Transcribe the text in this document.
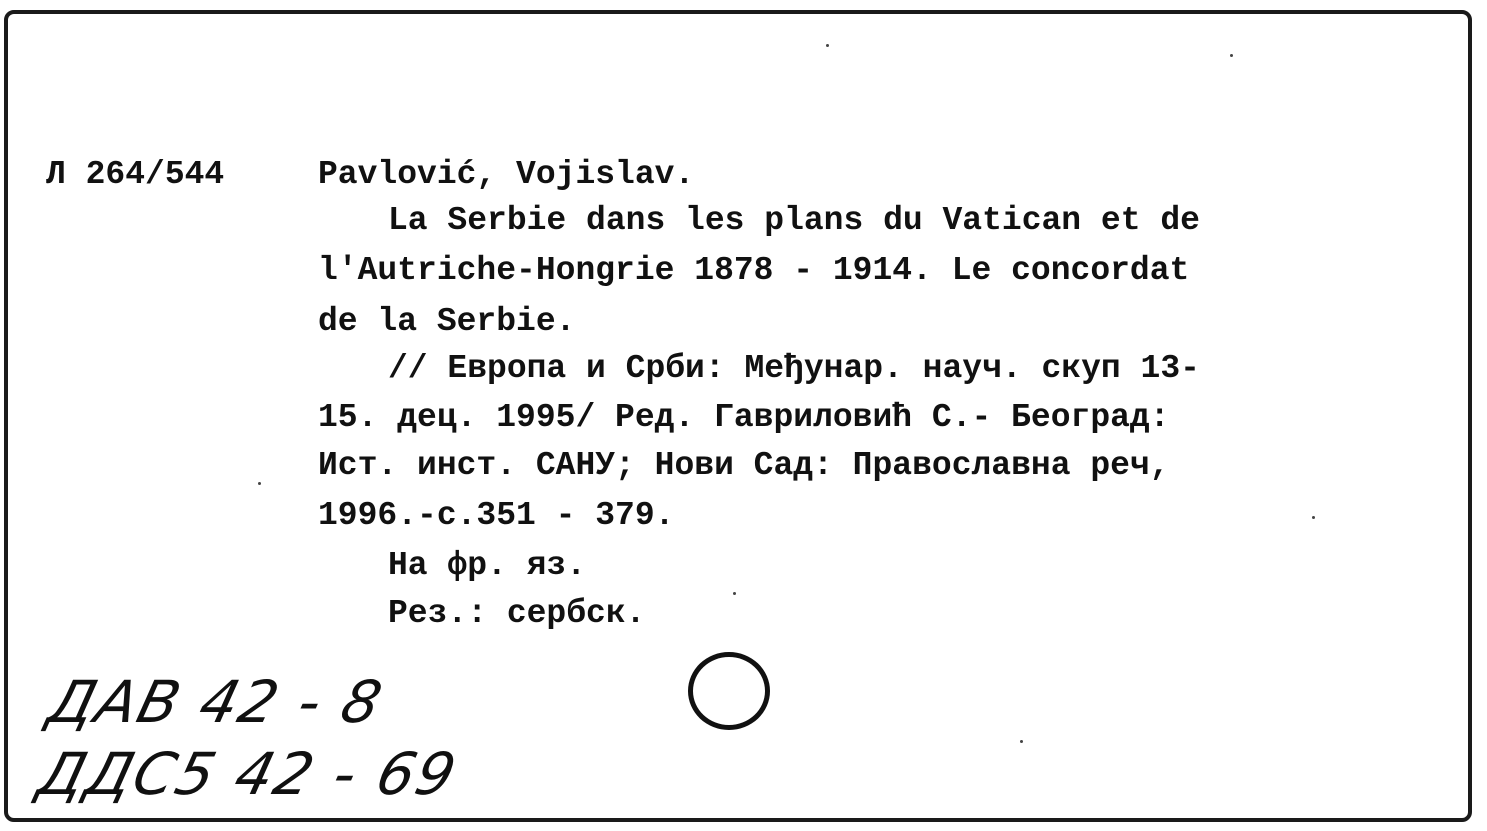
Л 264/544	Pavlović, Vojislav.
La Serbie dans les plans du Vatican et de
l'Autriche-Hongrie 1878 - 1914. Le concordat
de la Serbie.
// Европа и Срби: Meђунар. науч. скуп 13-
15. дец. 1995/ Ред. Гавриловић С.- Београд:
Ист. инст. САНУ; Нови Сад: Православна реч,
1996.-с.351 - 379.
На фр. яз.
Рез.: сербск.
ДАВ 42 - 8
ДДС5 42 - 69
